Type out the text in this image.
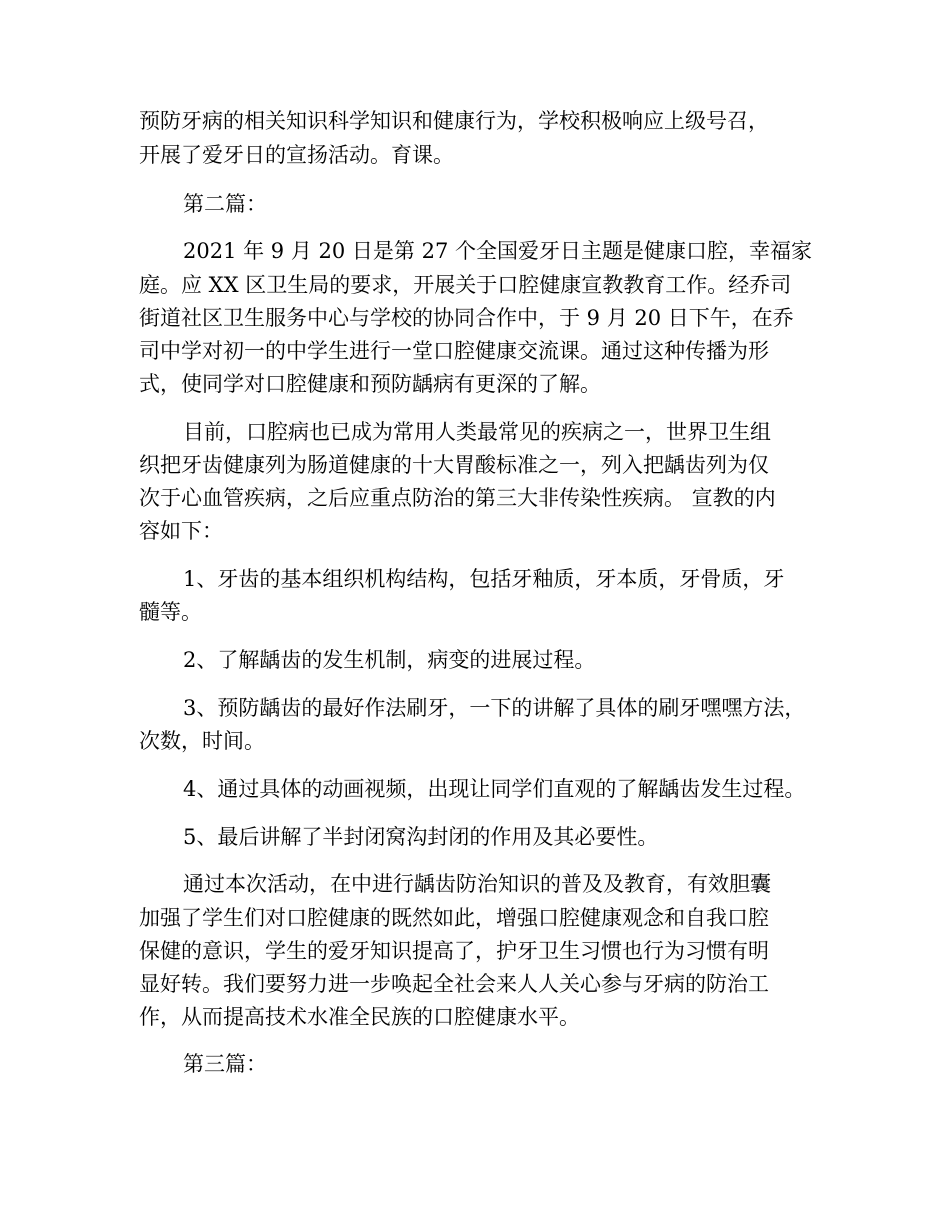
预防牙病的相关知识科学知识和健康行为，学校积极响应上级号召，
开展了爱牙日的宣扬活动。育课。
第二篇：
2021 年 9 月 20 日是第 27 个全国爱牙日主题是健康口腔，幸福家
庭。应 XX 区卫生局的要求，开展关于口腔健康宣教教育工作。经乔司
街道社区卫生服务中心与学校的协同合作中，于 9 月 20 日下午，在乔
司中学对初一的中学生进行一堂口腔健康交流课。通过这种传播为形
式，使同学对口腔健康和预防龋病有更深的了解。
目前，口腔病也已成为常用人类最常见的疾病之一，世界卫生组
织把牙齿健康列为肠道健康的十大胃酸标准之一，列入把龋齿列为仅
次于心血管疾病，之后应重点防治的第三大非传染性疾病。 宣教的内
容如下：
1、牙齿的基本组织机构结构，包括牙釉质，牙本质，牙骨质，牙
髓等。
2、了解龋齿的发生机制，病变的进展过程。
3、预防龋齿的最好作法刷牙，一下的讲解了具体的刷牙嘿嘿方法，
次数，时间。
4、通过具体的动画视频，出现让同学们直观的了解龋齿发生过程。
5、最后讲解了半封闭窝沟封闭的作用及其必要性。
通过本次活动，在中进行龋齿防治知识的普及及教育，有效胆囊
加强了学生们对口腔健康的既然如此，增强口腔健康观念和自我口腔
保健的意识，学生的爱牙知识提高了，护牙卫生习惯也行为习惯有明
显好转。我们要努力进一步唤起全社会来人人关心参与牙病的防治工
作，从而提高技术水准全民族的口腔健康水平。
第三篇：
